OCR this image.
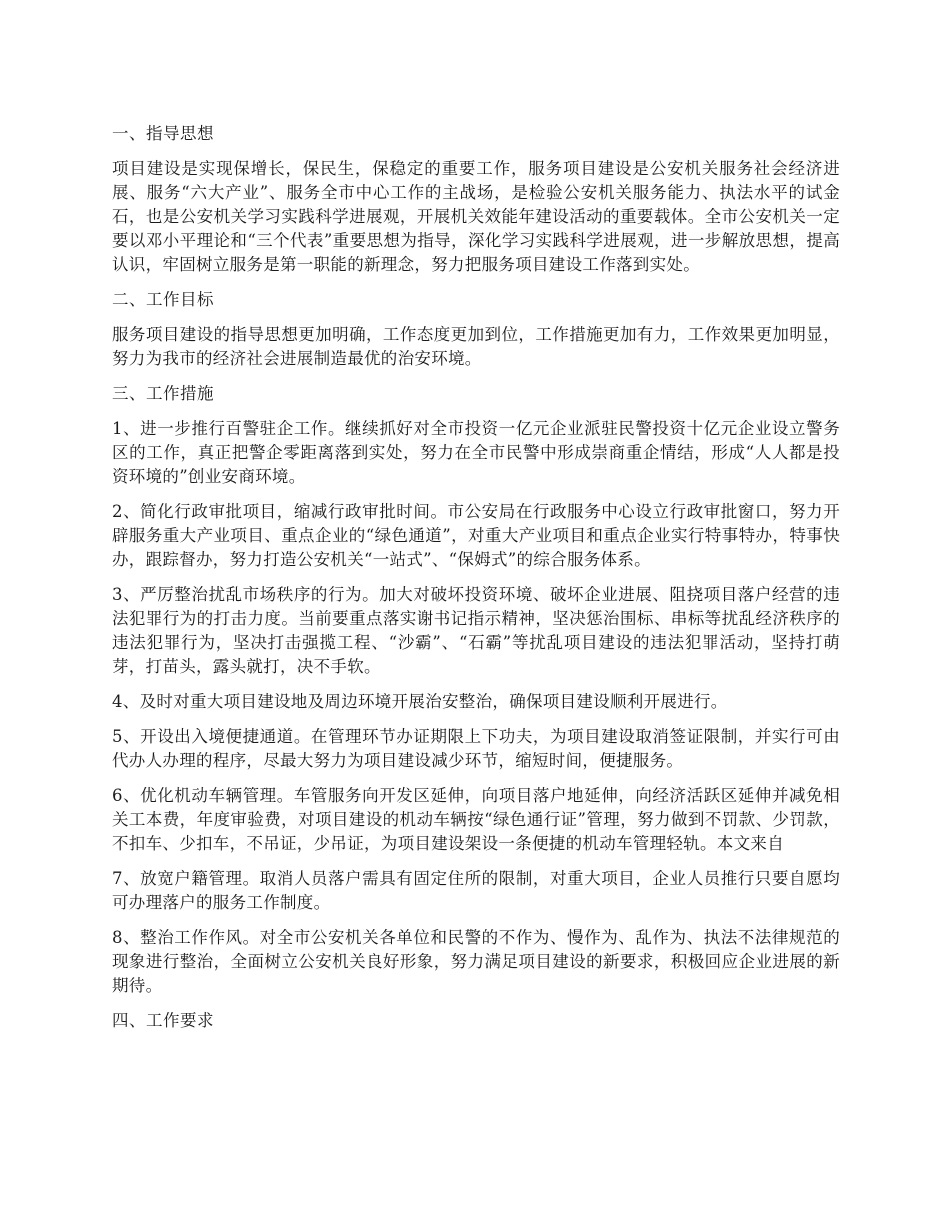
一、指导思想
项目建设是实现保增长，保民生，保稳定的重要工作，服务项目建设是公安机关服务社会经济进展、服务“六大产业”、服务全市中心工作的主战场，是检验公安机关服务能力、执法水平的试金石，也是公安机关学习实践科学进展观，开展机关效能年建设活动的重要载体。全市公安机关一定要以邓小平理论和“三个代表”重要思想为指导，深化学习实践科学进展观，进一步解放思想，提高认识，牢固树立服务是第一职能的新理念，努力把服务项目建设工作落到实处。
二、工作目标
服务项目建设的指导思想更加明确，工作态度更加到位，工作措施更加有力，工作效果更加明显，努力为我市的经济社会进展制造最优的治安环境。
三、工作措施
1、进一步推行百警驻企工作。继续抓好对全市投资一亿元企业派驻民警投资十亿元企业设立警务区的工作，真正把警企零距离落到实处，努力在全市民警中形成崇商重企情结，形成“人人都是投资环境的”创业安商环境。
2、简化行政审批项目，缩减行政审批时间。市公安局在行政服务中心设立行政审批窗口，努力开辟服务重大产业项目、重点企业的“绿色通道”，对重大产业项目和重点企业实行特事特办，特事快办，跟踪督办，努力打造公安机关“一站式”、“保姆式”的综合服务体系。
3、严厉整治扰乱市场秩序的行为。加大对破坏投资环境、破坏企业进展、阻挠项目落户经营的违法犯罪行为的打击力度。当前要重点落实谢书记指示精神，坚决惩治围标、串标等扰乱经济秩序的违法犯罪行为，坚决打击强揽工程、“沙霸”、“石霸”等扰乱项目建设的违法犯罪活动，坚持打萌芽，打苗头，露头就打，决不手软。
4、及时对重大项目建设地及周边环境开展治安整治，确保项目建设顺利开展进行。
5、开设出入境便捷通道。在管理环节办证期限上下功夫，为项目建设取消签证限制，并实行可由代办人办理的程序，尽最大努力为项目建设减少环节，缩短时间，便捷服务。
6、优化机动车辆管理。车管服务向开发区延伸，向项目落户地延伸，向经济活跃区延伸并减免相关工本费，年度审验费，对项目建设的机动车辆按“绿色通行证”管理，努力做到不罚款、少罚款，不扣车、少扣车，不吊证，少吊证，为项目建设架设一条便捷的机动车管理轻轨。本文来自
7、放宽户籍管理。取消人员落户需具有固定住所的限制，对重大项目，企业人员推行只要自愿均可办理落户的服务工作制度。
8、整治工作作风。对全市公安机关各单位和民警的不作为、慢作为、乱作为、执法不法律规范的现象进行整治，全面树立公安机关良好形象，努力满足项目建设的新要求，积极回应企业进展的新期待。
四、工作要求
